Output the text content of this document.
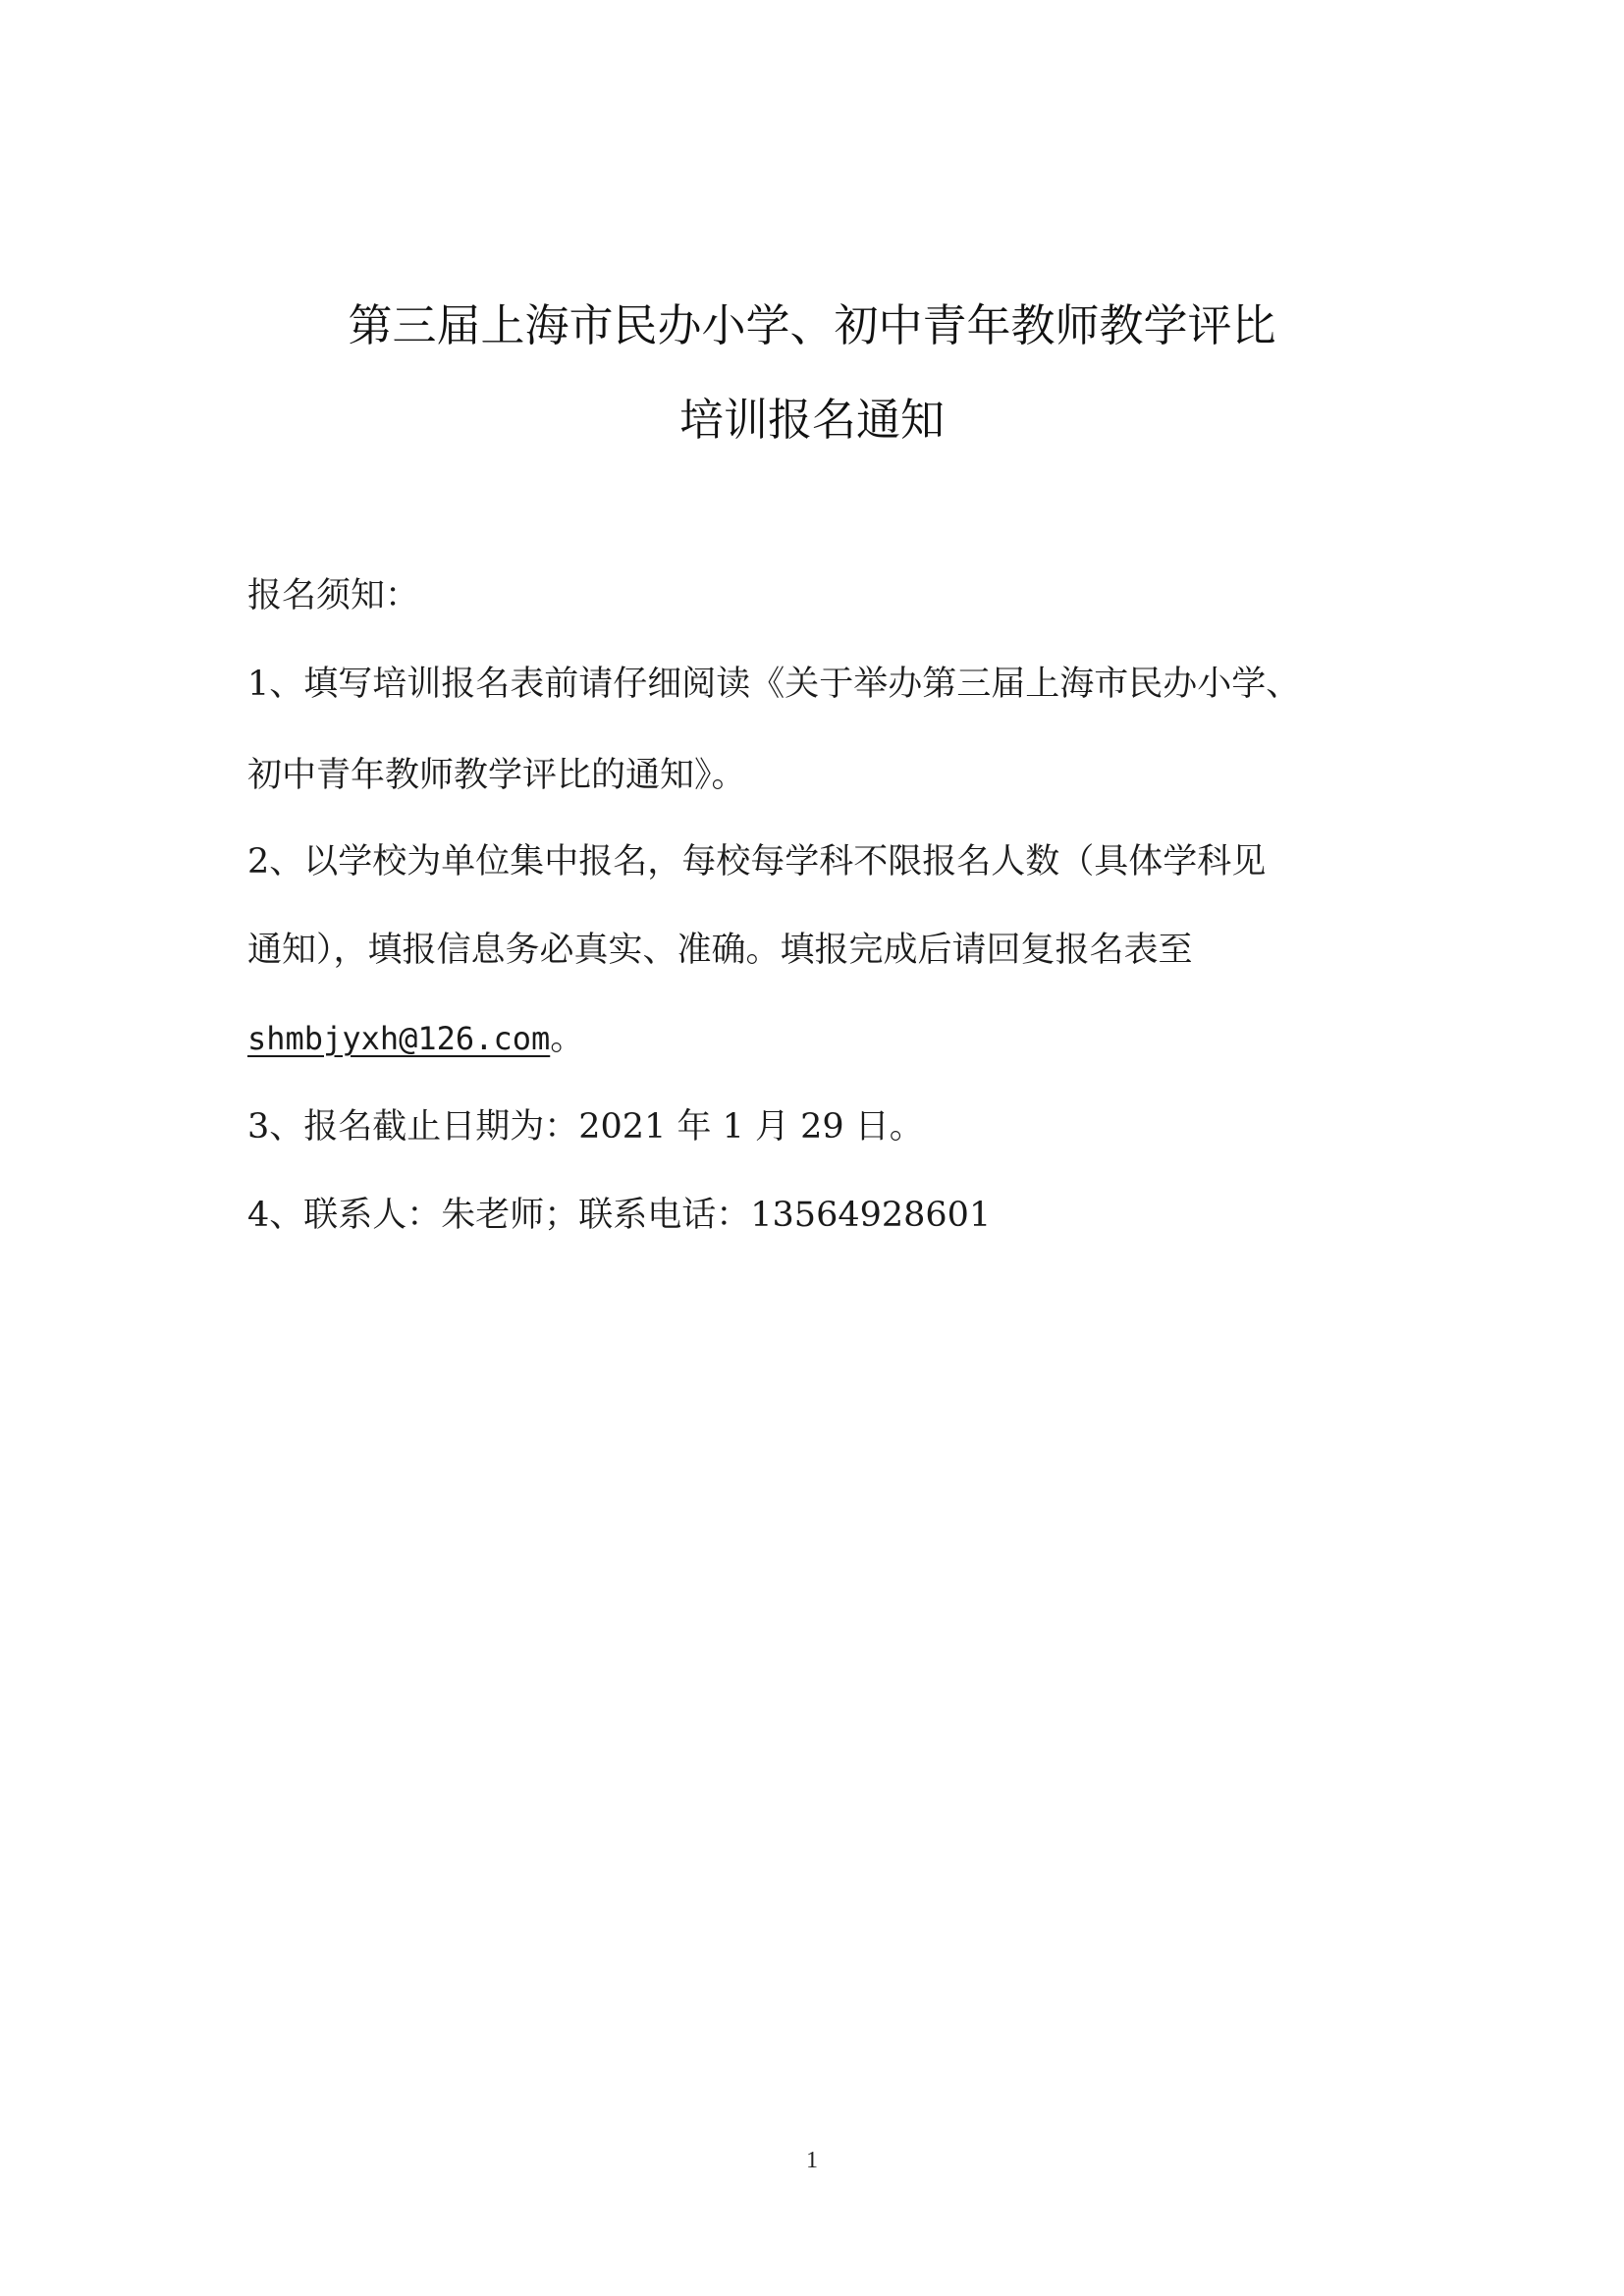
第三届上海市民办小学、初中青年教师教学评比
培训报名通知
报名须知：
1、填写培训报名表前请仔细阅读《关于举办第三届上海市民办小学、
初中青年教师教学评比的通知》。
2、以学校为单位集中报名，每校每学科不限报名人数（具体学科见
通知），填报信息务必真实、准确。填报完成后请回复报名表至
shmbjyxh@126.com。
3、报名截止日期为：2021 年 1 月 29 日。
4、联系人：朱老师；联系电话：13564928601
1
